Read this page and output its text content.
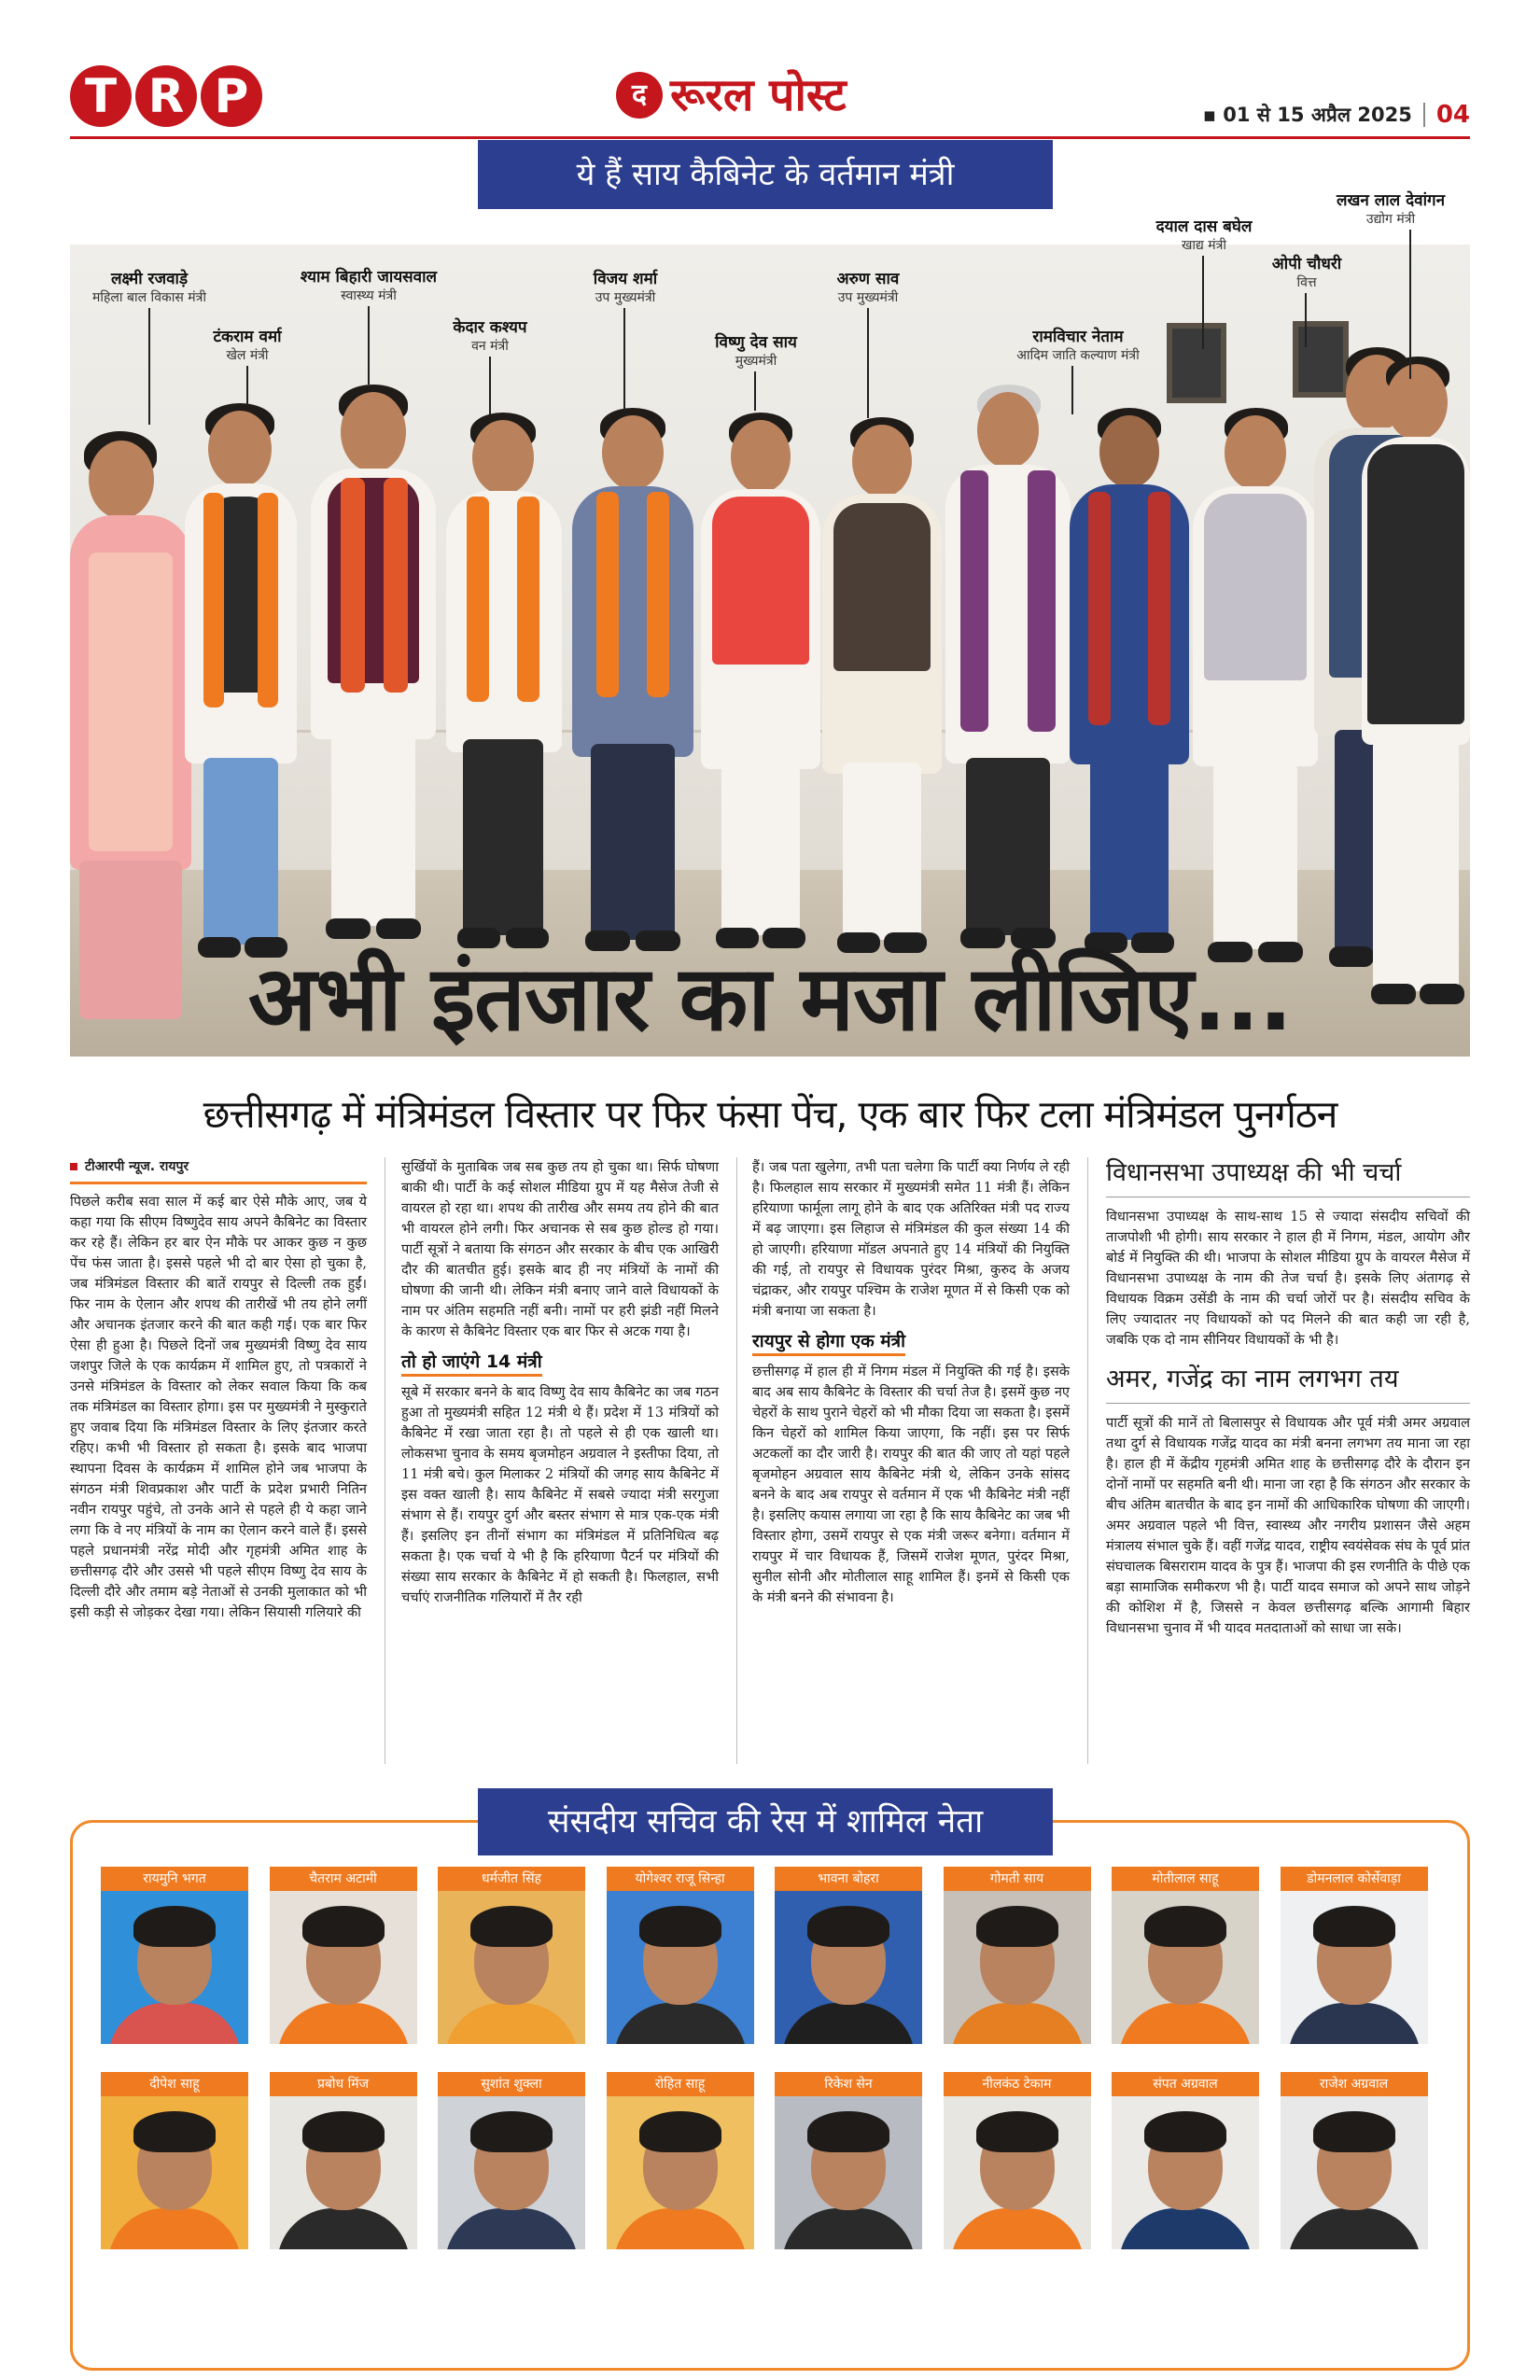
T R P	द रूरल पोस्ट	▪ 01 से 15 अप्रैल 2025 04
ये हैं साय कैबिनेट के वर्तमान मंत्री
अभी इंतजार का मजा लीजिए...
लक्ष्मी रजवाड़े
महिला बाल विकास मंत्री
टंकराम वर्मा
खेल मंत्री
श्याम बिहारी जायसवाल
स्वास्थ्य मंत्री
केदार कश्यप
वन मंत्री
विजय शर्मा
उप मुख्यमंत्री
विष्णु देव साय
मुख्यमंत्री
अरुण साव
उप मुख्यमंत्री
रामविचार नेताम
आदिम जाति कल्याण मंत्री
दयाल दास बघेल
खाद्य मंत्री
ओपी चौधरी
वित्त
लखन लाल देवांगन
उद्योग मंत्री
छत्तीसगढ़ में मंत्रिमंडल विस्तार पर फिर फंसा पेंच, एक बार फिर टला मंत्रिमंडल पुनर्गठन
टीआरपी न्यूज. रायपुर

पिछले करीब सवा साल में कई बार ऐसे मौके आए, जब ये कहा गया कि सीएम विष्णुदेव साय अपने कैबिनेट का विस्तार कर रहे हैं। लेकिन हर बार ऐन मौके पर आकर कुछ न कुछ पेंच फंस जाता है। इससे पहले भी दो बार ऐसा हो चुका है, जब मंत्रिमंडल विस्तार की बातें रायपुर से दिल्ली तक हुईं। फिर नाम के ऐलान और शपथ की तारीखें भी तय होने लगीं और अचानक इंतजार करने की बात कही गई। एक बार फिर ऐसा ही हुआ है। पिछले दिनों जब मुख्यमंत्री विष्णु देव साय जशपुर जिले के एक कार्यक्रम में शामिल हुए, तो पत्रकारों ने उनसे मंत्रिमंडल के विस्तार को लेकर सवाल किया कि कब तक मंत्रिमंडल का विस्तार होगा। इस पर मुख्यमंत्री ने मुस्कुराते हुए जवाब दिया कि मंत्रिमंडल विस्तार के लिए इंतजार करते रहिए। कभी भी विस्तार हो सकता है। इसके बाद भाजपा स्थापना दिवस के कार्यक्रम में शामिल होने जब भाजपा के संगठन मंत्री शिवप्रकाश और पार्टी के प्रदेश प्रभारी नितिन नवीन रायपुर पहुंचे, तो उनके आने से पहले ही ये कहा जाने लगा कि वे नए मंत्रियों के नाम का ऐलान करने वाले हैं। इससे पहले प्रधानमंत्री नरेंद्र मोदी और गृहमंत्री अमित शाह के छत्तीसगढ़ दौरे और उससे भी पहले सीएम विष्णु देव साय के दिल्ली दौरे और तमाम बड़े नेताओं से उनकी मुलाकात को भी इसी कड़ी से जोड़कर देखा गया। लेकिन सियासी गलियारे की

सुर्खियों के मुताबिक जब सब कुछ तय हो चुका था। सिर्फ घोषणा बाकी थी। पार्टी के कई सोशल मीडिया ग्रुप में यह मैसेज तेजी से वायरल हो रहा था। शपथ की तारीख और समय तय होने की बात भी वायरल होने लगी। फिर अचानक से सब कुछ होल्ड हो गया। पार्टी सूत्रों ने बताया कि संगठन और सरकार के बीच एक आखिरी दौर की बातचीत हुई। इसके बाद ही नए मंत्रियों के नामों की घोषणा की जानी थी। लेकिन मंत्री बनाए जाने वाले विधायकों के नाम पर अंतिम सहमति नहीं बनी। नामों पर हरी झंडी नहीं मिलने के कारण से कैबिनेट विस्तार एक बार फिर से अटक गया है।

तो हो जाएंगे 14 मंत्री

सूबे में सरकार बनने के बाद विष्णु देव साय कैबिनेट का जब गठन हुआ तो मुख्यमंत्री सहित 12 मंत्री थे हैं। प्रदेश में 13 मंत्रियों को कैबिनेट में रखा जाता रहा है। तो पहले से ही एक खाली था। लोकसभा चुनाव के समय बृजमोहन अग्रवाल ने इस्तीफा दिया, तो 11 मंत्री बचे। कुल मिलाकर 2 मंत्रियों की जगह साय कैबिनेट में इस वक्त खाली है। साय कैबिनेट में सबसे ज्यादा मंत्री सरगुजा संभाग से हैं। रायपुर दुर्ग और बस्तर संभाग से मात्र एक-एक मंत्री हैं। इसलिए इन तीनों संभाग का मंत्रिमंडल में प्रतिनिधित्व बढ़ सकता है। एक चर्चा ये भी है कि हरियाणा पैटर्न पर मंत्रियों की संख्या साय सरकार के कैबिनेट में हो सकती है। फिलहाल, सभी चर्चाएं राजनीतिक गलियारों में तैर रही

हैं। जब पता खुलेगा, तभी पता चलेगा कि पार्टी क्या निर्णय ले रही है। फिलहाल साय सरकार में मुख्यमंत्री समेत 11 मंत्री हैं। लेकिन हरियाणा फार्मूला लागू होने के बाद एक अतिरिक्त मंत्री पद राज्य में बढ़ जाएगा। इस लिहाज से मंत्रिमंडल की कुल संख्या 14 की हो जाएगी। हरियाणा मॉडल अपनाते हुए 14 मंत्रियों की नियुक्ति की गई, तो रायपुर से विधायक पुरंदर मिश्रा, कुरुद के अजय चंद्राकर, और रायपुर पश्चिम के राजेश मूणत में से किसी एक को मंत्री बनाया जा सकता है।

रायपुर से होगा एक मंत्री

छत्तीसगढ़ में हाल ही में निगम मंडल में नियुक्ति की गई है। इसके बाद अब साय कैबिनेट के विस्तार की चर्चा तेज है। इसमें कुछ नए चेहरों के साथ पुराने चेहरों को भी मौका दिया जा सकता है। इसमें किन चेहरों को शामिल किया जाएगा, कि नहीं। इस पर सिर्फ अटकलों का दौर जारी है। रायपुर की बात की जाए तो यहां पहले बृजमोहन अग्रवाल साय कैबिनेट मंत्री थे, लेकिन उनके सांसद बनने के बाद अब रायपुर से वर्तमान में एक भी कैबिनेट मंत्री नहीं है। इसलिए कयास लगाया जा रहा है कि साय कैबिनेट का जब भी विस्तार होगा, उसमें रायपुर से एक मंत्री जरूर बनेगा। वर्तमान में रायपुर में चार विधायक हैं, जिसमें राजेश मूणत, पुरंदर मिश्रा, सुनील सोनी और मोतीलाल साहू शामिल हैं। इनमें से किसी एक के मंत्री बनने की संभावना है।

विधानसभा उपाध्यक्ष की भी चर्चा

विधानसभा उपाध्यक्ष के साथ-साथ 15 से ज्यादा संसदीय सचिवों की ताजपोशी भी होगी। साय सरकार ने हाल ही में निगम, मंडल, आयोग और बोर्ड में नियुक्ति की थी। भाजपा के सोशल मीडिया ग्रुप के वायरल मैसेज में विधानसभा उपाध्यक्ष के नाम की तेज चर्चा है। इसके लिए अंतागढ़ से विधायक विक्रम उसेंडी के नाम की चर्चा जोरों पर है। संसदीय सचिव के लिए ज्यादातर नए विधायकों को पद मिलने की बात कही जा रही है, जबकि एक दो नाम सीनियर विधायकों के भी है।

अमर, गजेंद्र का नाम लगभग तय

पार्टी सूत्रों की मानें तो बिलासपुर से विधायक और पूर्व मंत्री अमर अग्रवाल तथा दुर्ग से विधायक गजेंद्र यादव का मंत्री बनना लगभग तय माना जा रहा है। हाल ही में केंद्रीय गृहमंत्री अमित शाह के छत्तीसगढ़ दौरे के दौरान इन दोनों नामों पर सहमति बनी थी। माना जा रहा है कि संगठन और सरकार के बीच अंतिम बातचीत के बाद इन नामों की आधिकारिक घोषणा की जाएगी। अमर अग्रवाल पहले भी वित्त, स्वास्थ्य और नगरीय प्रशासन जैसे अहम मंत्रालय संभाल चुके हैं। वहीं गजेंद्र यादव, राष्ट्रीय स्वयंसेवक संघ के पूर्व प्रांत संघचालक बिसराराम यादव के पुत्र हैं। भाजपा की इस रणनीति के पीछे एक बड़ा सामाजिक समीकरण भी है। पार्टी यादव समाज को अपने साथ जोड़ने की कोशिश में है, जिससे न केवल छत्तीसगढ़ बल्कि आगामी बिहार विधानसभा चुनाव में भी यादव मतदाताओं को साधा जा सके।

संसदीय सचिव की रेस में शामिल नेता
रायमुनि भगत	चैतराम अटामी	धर्मजीत सिंह	योगेश्वर राजू सिन्हा	भावना बोहरा	गोमती साय	मोतीलाल साहू	डोमनलाल कोर्सेवाड़ा
दीपेश साहू	प्रबोध मिंज	सुशांत शुक्ला	रोहित साहू	रिकेश सेन	नीलकंठ टेकाम	संपत अग्रवाल	राजेश अग्रवाल
